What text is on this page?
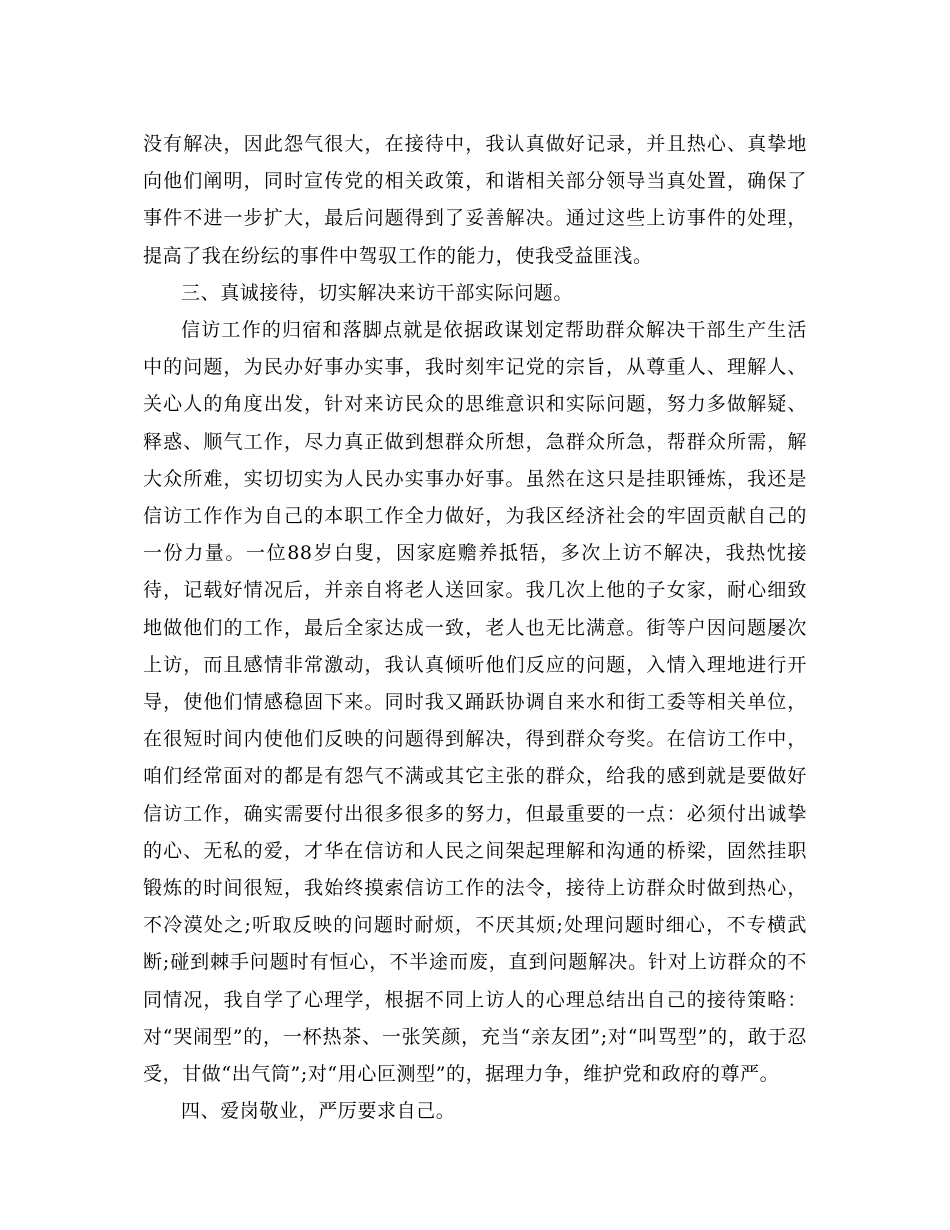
没有解决，因此怨气很大，在接待中，我认真做好记录，并且热心、真挚地向他们阐明，同时宣传党的相关政策，和谐相关部分领导当真处置，确保了事件不进一步扩大，最后问题得到了妥善解决。通过这些上访事件的处理，提高了我在纷纭的事件中驾驭工作的能力，使我受益匪浅。

三、真诚接待，切实解决来访干部实际问题。

信访工作的归宿和落脚点就是依据政谋划定帮助群众解决干部生产生活中的问题，为民办好事办实事，我时刻牢记党的宗旨，从尊重人、理解人、关心人的角度出发，针对来访民众的思维意识和实际问题，努力多做解疑、释惑、顺气工作，尽力真正做到想群众所想，急群众所急，帮群众所需，解大众所难，实切切实为人民办实事办好事。虽然在这只是挂职锤炼，我还是信访工作作为自己的本职工作全力做好，为我区经济社会的牢固贡献自己的一份力量。一位88岁白叟，因家庭赡养抵牾，多次上访不解决，我热忱接待，记载好情况后，并亲自将老人送回家。我几次上他的子女家，耐心细致地做他们的工作，最后全家达成一致，老人也无比满意。街等户因问题屡次上访，而且感情非常激动，我认真倾听他们反应的问题，入情入理地进行开导，使他们情感稳固下来。同时我又踊跃协调自来水和街工委等相关单位，在很短时间内使他们反映的问题得到解决，得到群众夸奖。在信访工作中，咱们经常面对的都是有怨气不满或其它主张的群众，给我的感到就是要做好信访工作，确实需要付出很多很多的努力，但最重要的一点：必须付出诚挚的心、无私的爱，才华在信访和人民之间架起理解和沟通的桥梁，固然挂职锻炼的时间很短，我始终摸索信访工作的法令，接待上访群众时做到热心，不冷漠处之;听取反映的问题时耐烦，不厌其烦;处理问题时细心，不专横武断;碰到棘手问题时有恒心，不半途而废，直到问题解决。针对上访群众的不同情况，我自学了心理学，根据不同上访人的心理总结出自己的接待策略：对“哭闹型”的，一杯热茶、一张笑颜，充当“亲友团”;对“叫骂型”的，敢于忍受，甘做“出气筒”;对“用心叵测型”的，据理力争，维护党和政府的尊严。

四、爱岗敬业，严厉要求自己。
